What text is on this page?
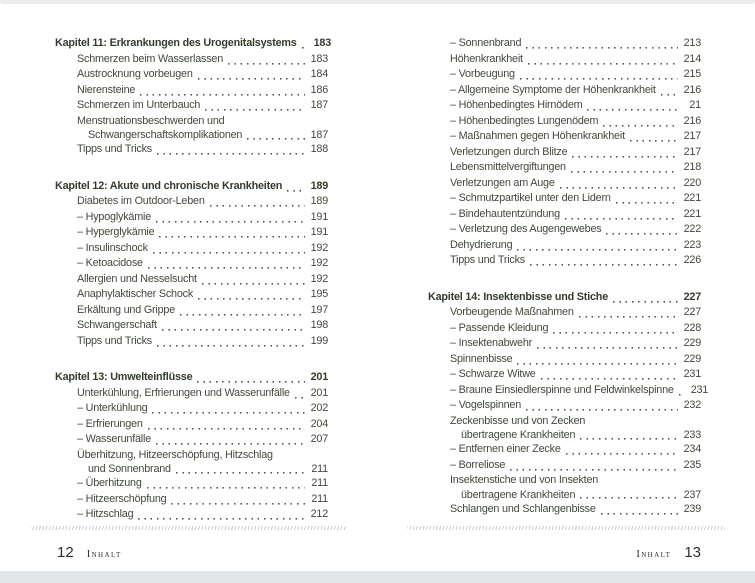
Kapitel 11: Erkrankungen des Urogenitalsystems 183
Schmerzen beim Wasserlassen	183
Austrocknung vorbeugen	184
Nierensteine	186
Schmerzen im Unterbauch	187
Menstruationsbeschwerden und
Schwangerschaftskomplikationen	187
Tipps und Tricks	188
Kapitel 12: Akute und chronische Krankheiten	189
Diabetes im Outdoor-Leben	189
– Hypoglykämie	191
– Hyperglykämie	191
– Insulinschock	192
– Ketoacidose	192
Allergien und Nesselsucht	192
Anaphylaktischer Schock	195
Erkältung und Grippe	197
Schwangerschaft	198
Tipps und Tricks	199
Kapitel 13: Umwelteinflüsse	201
Unterkühlung, Erfrierungen und Wasserunfälle 201
– Unterkühlung	202
– Erfrierungen	204
– Wasserunfälle	207
Überhitzung, Hitzeerschöpfung, Hitzschlag
und Sonnenbrand	211
– Überhitzung	211
– Hitzeerschöpfung	211
– Hitzschlag	212
12 Inhalt
– Sonnenbrand	213
Höhenkrankheit	214
– Vorbeugung	215
– Allgemeine Symptome der Höhenkrankheit	216
– Höhenbedingtes Hirnödem	21
– Höhenbedingtes Lungenödem	216
– Maßnahmen gegen Höhenkrankheit	217
Verletzungen durch Blitze	217
Lebensmittelvergiftungen	218
Verletzungen am Auge	220
– Schmutzpartikel unter den Lidern	221
– Bindehautentzündung	221
– Verletzung des Augengewebes	222
Dehydrierung	223
Tipps und Tricks	226
Kapitel 14: Insektenbisse und Stiche	227
Vorbeugende Maßnahmen	227
– Passende Kleidung	228
– Insektenabwehr	229
Spinnenbisse	229
– Schwarze Witwe	231
– Braune Einsiedlerspinne und Feldwinkelspinne 231
– Vogelspinnen	232
Zeckenbisse und von Zecken
übertragene Krankheiten	233
– Entfernen einer Zecke	234
– Borreliose	235
Insektenstiche und von Insekten
übertragene Krankheiten	237
Schlangen und Schlangenbisse	239
Inhalt 13
